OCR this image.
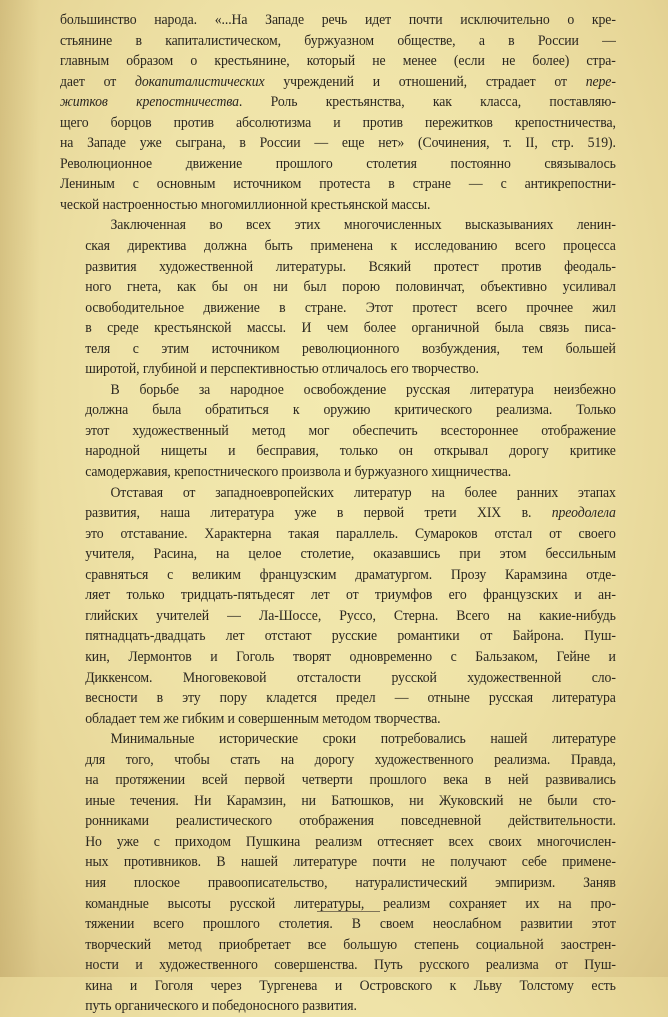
большинство народа. «...На Западе речь идет почти исключительно о кре-
стьянине в капиталистическом, буржуазном обществе, а в России —
главным образом о крестьянине, который не менее (если не более) стра-
дает от докапиталистических учреждений и отношений, страдает от пере-
житков крепостничества. Роль крестьянства, как класса, поставляю-
щего борцов против абсолютизма и против пережитков крепостничества,
на Западе уже сыграна, в России — еще нет» (Сочинения, т. II, стр. 519).
Революционное движение прошлого столетия постоянно связывалось
Лениным с основным источником протеста в стране — с антикрепостни-
ческой настроенностью многомиллионной крестьянской массы.
Заключенная во всех этих многочисленных высказываниях ленин-
ская директива должна быть применена к исследованию всего процесса
развития художественной литературы. Всякий протест против феодаль-
ного гнета, как бы он ни был порою половинчат, объективно усиливал
освободительное движение в стране. Этот протест всего прочнее жил
в среде крестьянской массы. И чем более органичной была связь писа-
теля с этим источником революционного возбуждения, тем большей
широтой, глубиной и перспективностью отличалось его творчество.
В борьбе за народное освобождение русская литература неизбежно
должна была обратиться к оружию критического реализма. Только
этот художественный метод мог обеспечить всестороннее отображение
народной нищеты и бесправия, только он открывал дорогу критике
самодержавия, крепостнического произвола и буржуазного хищничества.
Отставая от западноевропейских литератур на более ранних этапах
развития, наша литература уже в первой трети XIX в. преодолела
это отставание. Характерна такая параллель. Сумароков отстал от своего
учителя, Расина, на целое столетие, оказавшись при этом бессильным
сравняться с великим французским драматургом. Прозу Карамзина отде-
ляет только тридцать-пятьдесят лет от триумфов его французских и ан-
глийских учителей — Ла-Шоссе, Руссо, Стерна. Всего на какие-нибудь
пятнадцать-двадцать лет отстают русские романтики от Байрона. Пуш-
кин, Лермонтов и Гоголь творят одновременно с Бальзаком, Гейне и
Диккенсом. Многовековой отсталости русской художественной сло-
весности в эту пору кладется предел — отныне русская литература
обладает тем же гибким и совершенным методом творчества.
Минимальные исторические сроки потребовались нашей литературе
для того, чтобы стать на дорогу художественного реализма. Правда,
на протяжении всей первой четверти прошлого века в ней развивались
иные течения. Ни Карамзин, ни Батюшков, ни Жуковский не были сто-
ронниками реалистического отображения повседневной действительности.
Но уже с приходом Пушкина реализм оттесняет всех своих многочислен-
ных противников. В нашей литературе почти не получают себе примене-
ния плоское правоописательство, натуралистический эмпиризм. Заняв
командные высоты русской литературы, реализм сохраняет их на про-
тяжении всего прошлого столетия. В своем неослабном развитии этот
творческий метод приобретает все большую степень социальной заострен-
ности и художественного совершенства. Путь русского реализма от Пуш-
кина и Гоголя через Тургенева и Островского к Льву Толстому есть
путь органического и победоносного развития.
